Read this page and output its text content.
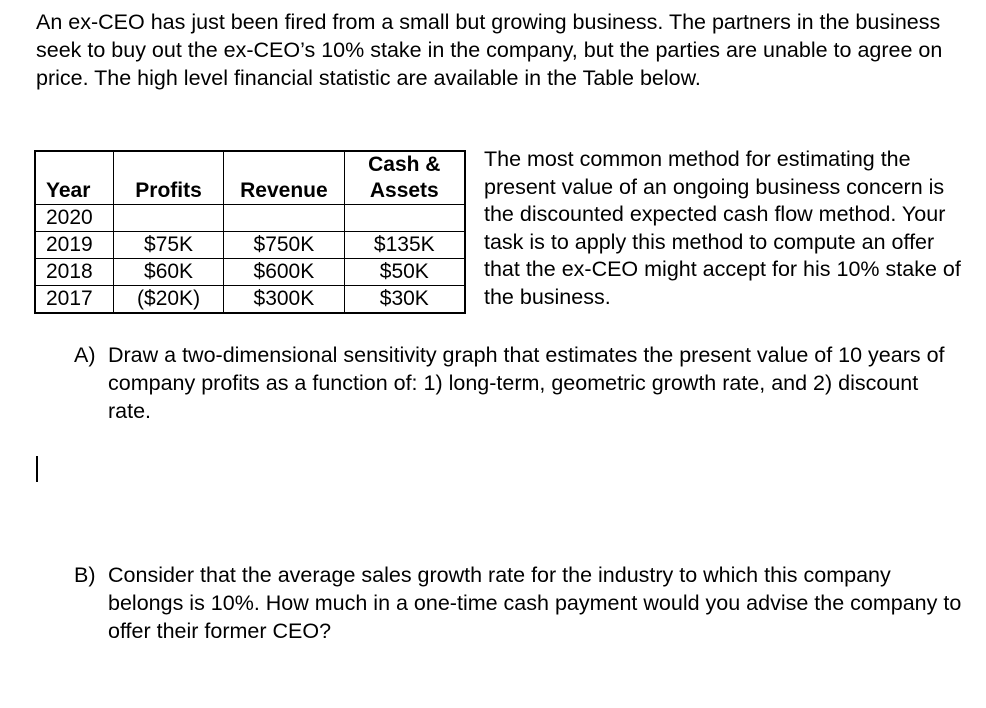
An ex-CEO has just been fired from a small but growing business. The partners in the business seek to buy out the ex-CEO’s 10% stake in the company, but the parties are unable to agree on price. The high level financial statistic are available in the Table below.

Year	Profits	Revenue	Cash &
Assets
2020			
2019	$75K	$750K	$135K
2018	$60K	$600K	$50K
2017	($20K)	$300K	$30K

The most common method for estimating the present value of an ongoing business concern is the discounted expected cash flow method. Your task is to apply this method to compute an offer that the ex-CEO might accept for his 10% stake of the business.

A) Draw a two-dimensional sensitivity graph that estimates the present value of 10 years of company profits as a function of: 1) long-term, geometric growth rate, and 2) discount rate.
B) Consider that the average sales growth rate for the industry to which this company belongs is 10%. How much in a one-time cash payment would you advise the company to offer their former CEO?
